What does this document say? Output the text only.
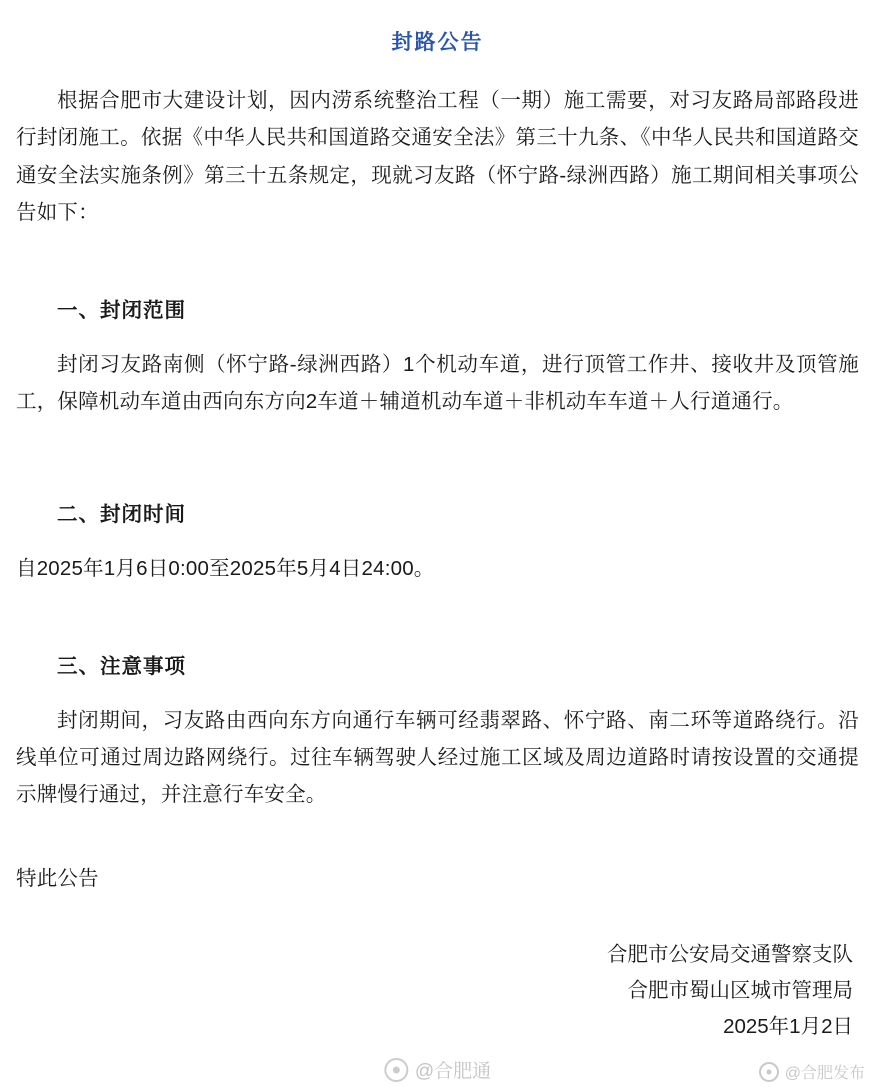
封路公告

根据合肥市大建设计划，因内涝系统整治工程（一期）施工需要，对习友路局部路段进行封闭施工。依据《中华人民共和国道路交通安全法》第三十九条、《中华人民共和国道路交通安全法实施条例》第三十五条规定，现就习友路（怀宁路-绿洲西路）施工期间相关事项公告如下：

一、封闭范围

封闭习友路南侧（怀宁路-绿洲西路）1个机动车道，进行顶管工作井、接收井及顶管施工，保障机动车道由西向东方向2车道＋辅道机动车道＋非机动车车道＋人行道通行。

二、封闭时间

自2025年1月6日0:00至2025年5月4日24:00。

三、注意事项

封闭期间，习友路由西向东方向通行车辆可经翡翠路、怀宁路、南二环等道路绕行。沿线单位可通过周边路网绕行。过往车辆驾驶人经过施工区域及周边道路时请按设置的交通提示牌慢行通过，并注意行车安全。

特此公告

合肥市公安局交通警察支队
合肥市蜀山区城市管理局
2025年1月2日
@合肥通	@合肥发布
